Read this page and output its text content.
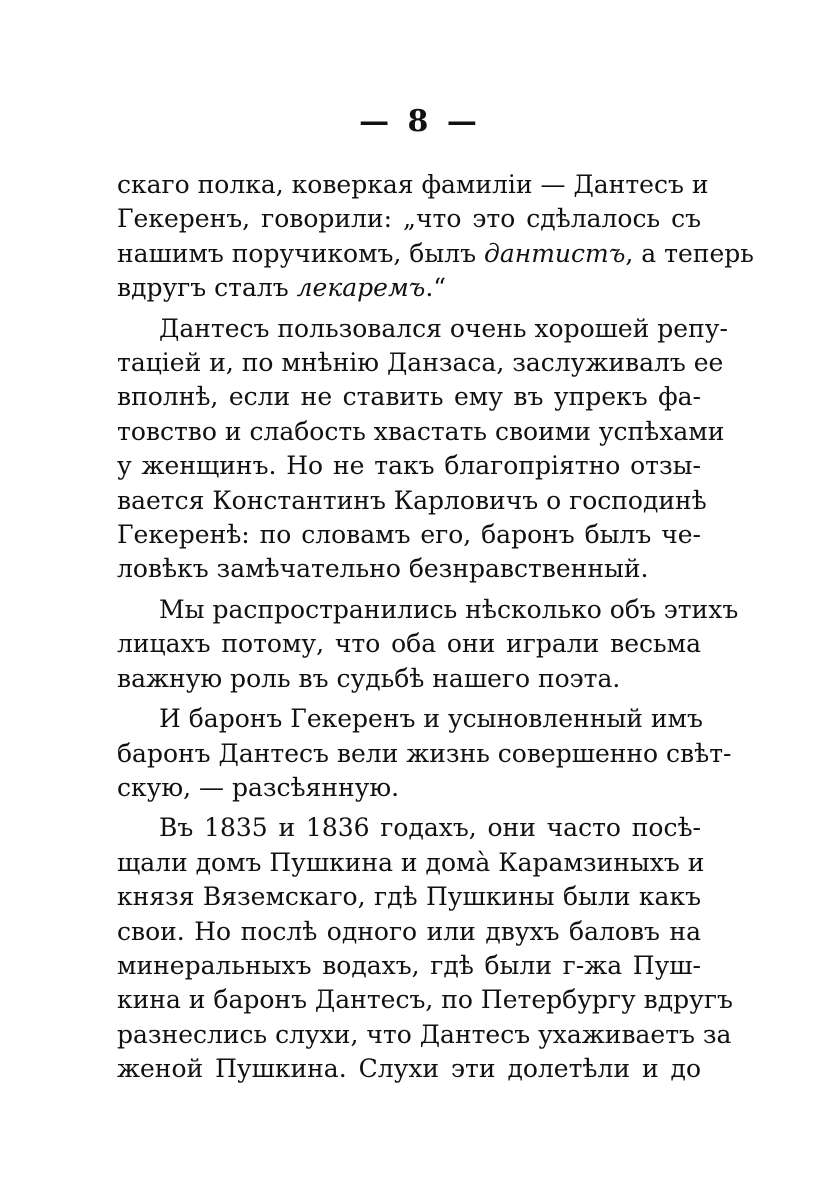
— 8 —
скаго полка, коверкая фамилiи — Дантесъ и
Гекеренъ, говорили: „что это сдѣлалось съ
нашимъ поручикомъ, былъ дантистъ, а теперь
вдругъ сталъ лекаремъ.“
Дантесъ пользовался очень хорошей репу-
тацiей и, по мнѣнiю Данзаса, заслуживалъ ее
вполнѣ, если не ставить ему въ упрекъ фа-
товство и слабость хвастать своими успѣхами
у женщинъ. Но не такъ благопрiятно отзы-
вается Константинъ Карловичъ о господинѣ
Гекеренѣ: по словамъ его, баронъ былъ че-
ловѣкъ замѣчательно безнравственный.
Мы распространились нѣсколько объ этихъ
лицахъ потому, что оба они играли весьма
важную роль въ судьбѣ нашего поэта.
И баронъ Гекеренъ и усыновленный имъ
баронъ Дантесъ вели жизнь совершенно свѣт-
скую, — разсѣянную.
Въ 1835 и 1836 годахъ, они часто посѣ-
щали домъ Пушкина и домà Карамзиныхъ и
князя Вяземскаго, гдѣ Пушкины были какъ
свои. Но послѣ одного или двухъ баловъ на
минеральныхъ водахъ, гдѣ были г-жа Пуш-
кина и баронъ Дантесъ, по Петербургу вдругъ
разнеслись слухи, что Дантесъ ухаживаетъ за
женой Пушкина. Слухи эти долетѣли и до
